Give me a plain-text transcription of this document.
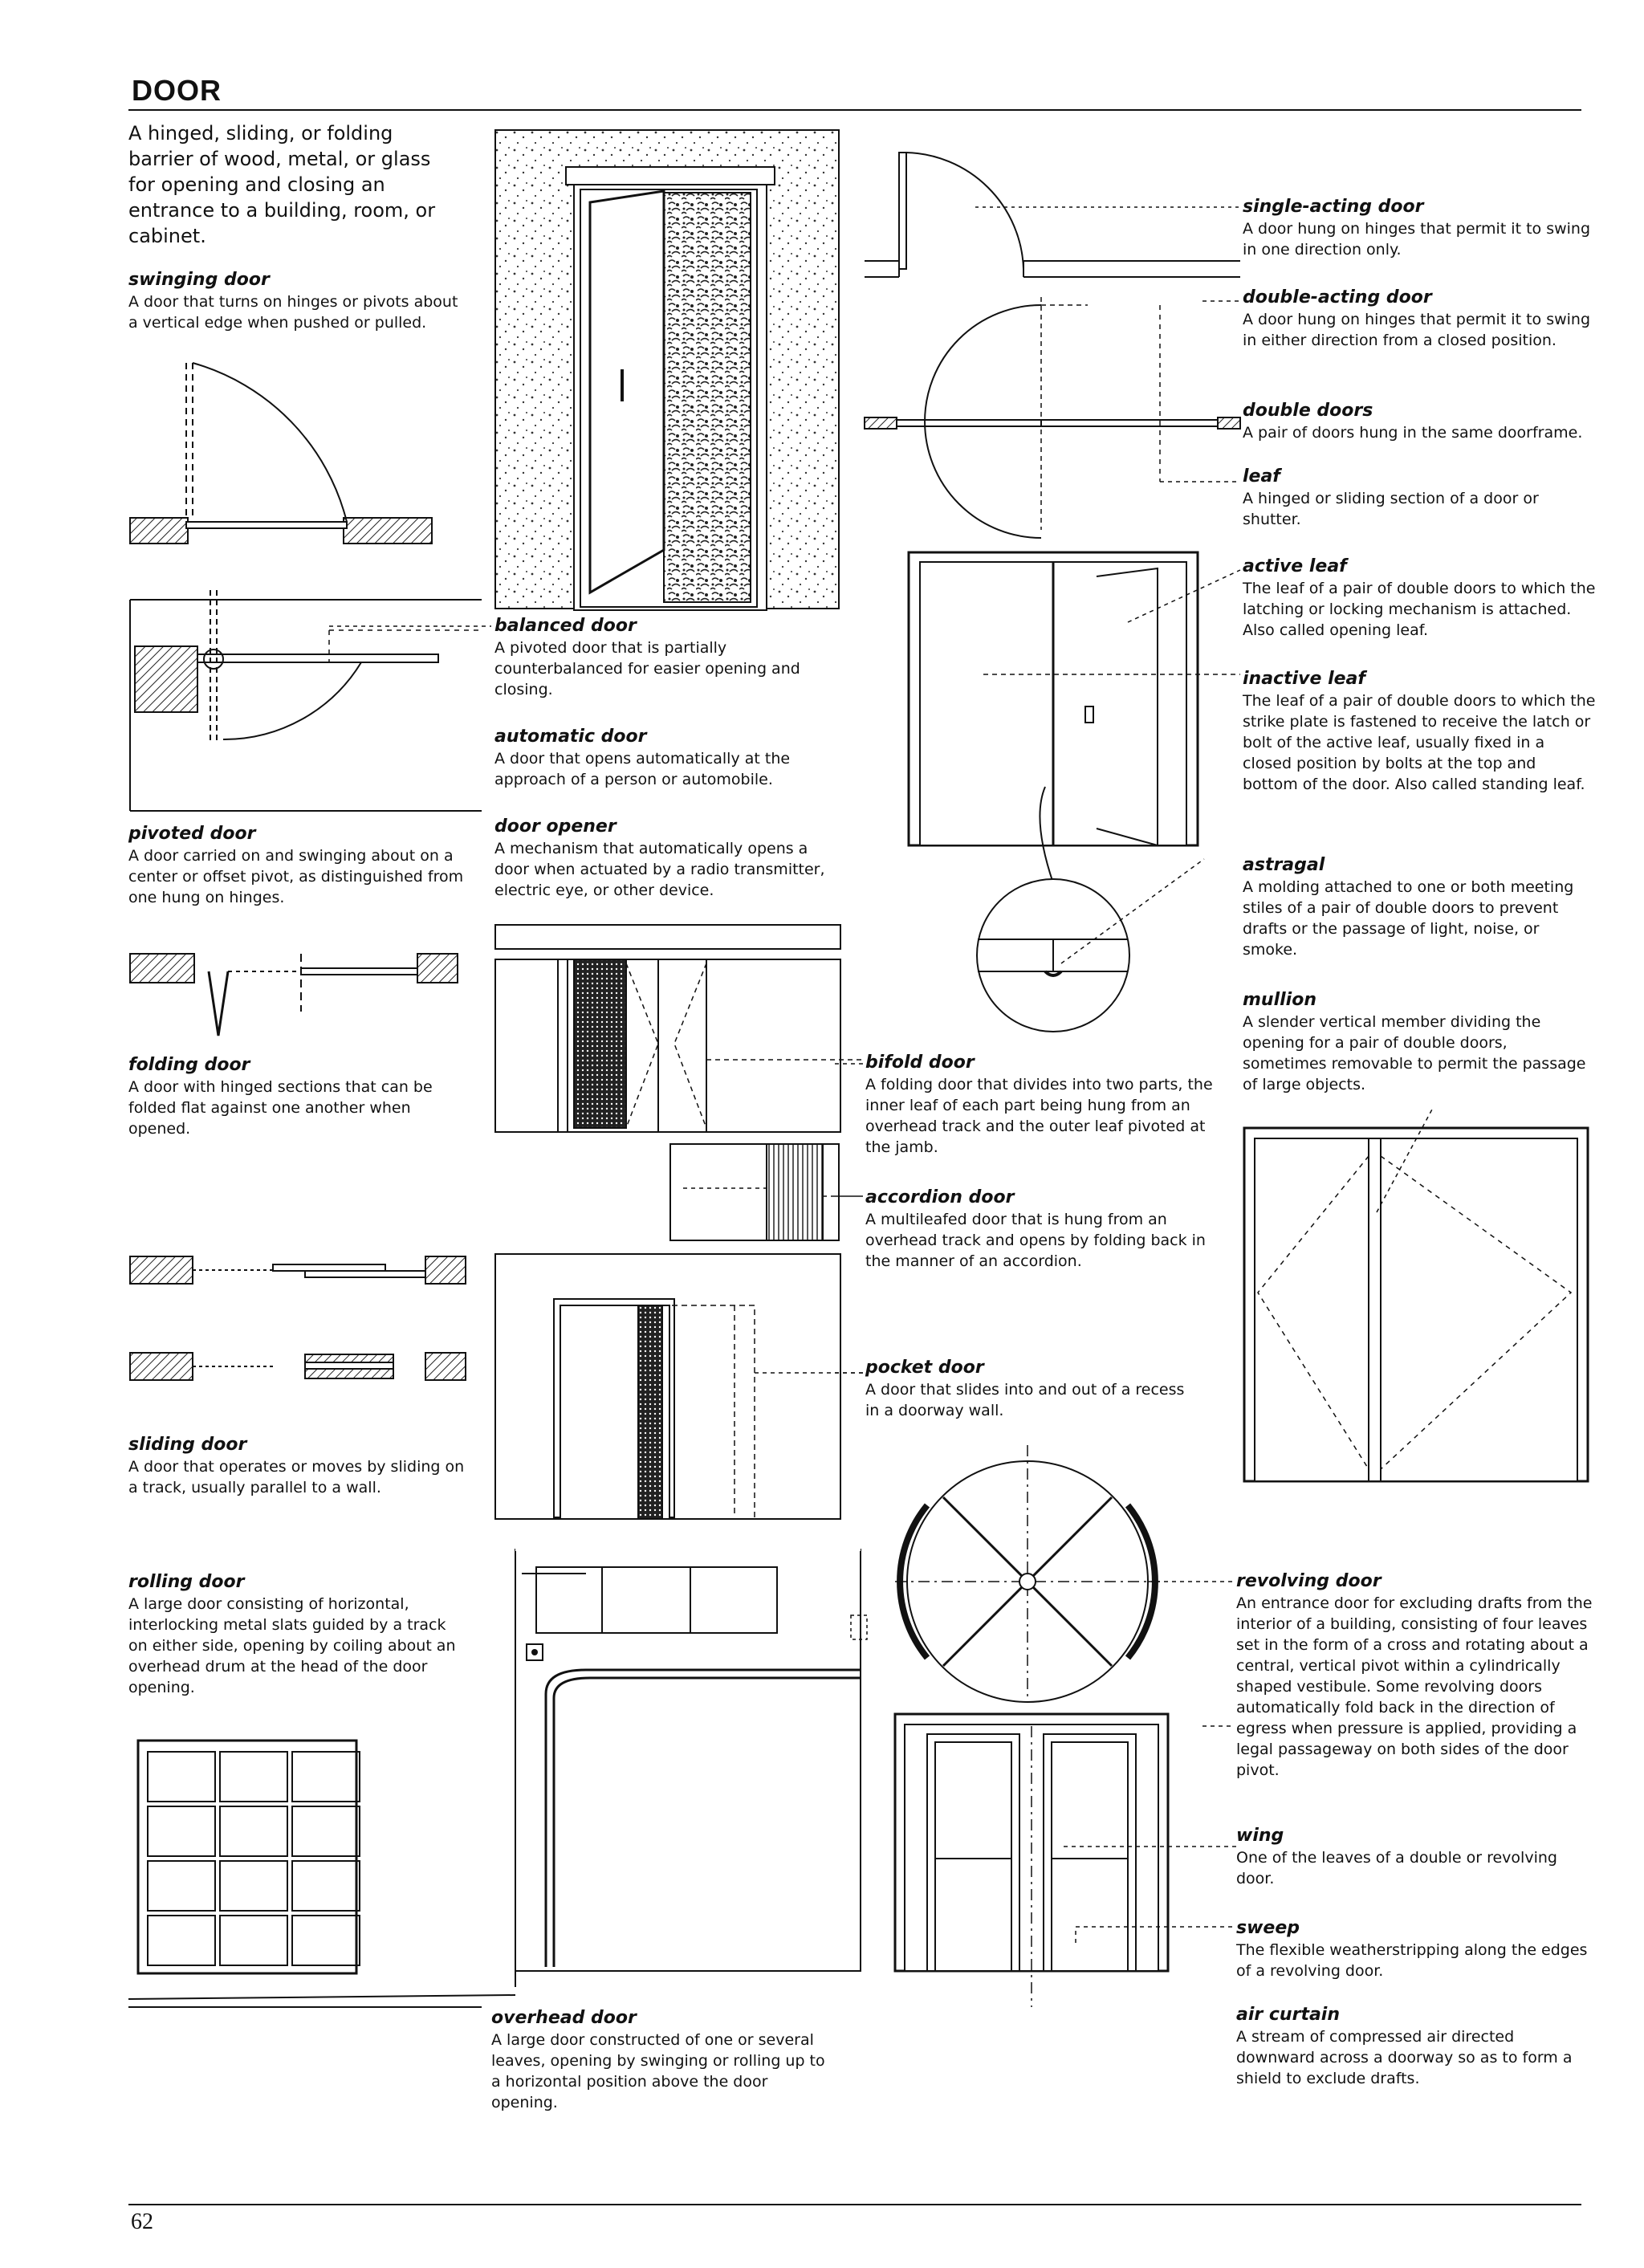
DOOR
A hinged, sliding, or folding barrier of wood, metal, or glass for opening and closing an entrance to a building, room, or cabinet.
swinging door
A door that turns on hinges or pivots about a vertical edge when pushed or pulled.
pivoted door
A door carried on and swinging about on a center or offset pivot, as distinguished from one hung on hinges.
folding door
A door with hinged sections that can be folded flat against one another when opened.
sliding door
A door that operates or moves by sliding on a track, usually parallel to a wall.
rolling door
A large door consisting of horizontal, interlocking metal slats guided by a track on either side, opening by coiling about an overhead drum at the head of the door opening.
balanced door
A pivoted door that is partially counterbalanced for easier opening and closing.
automatic door
A door that opens automatically at the approach of a person or automobile.
door opener
A mechanism that automatically opens a door when actuated by a radio transmitter, electric eye, or other device.
overhead door
A large door constructed of one or several leaves, opening by swinging or rolling up to a horizontal position above the door opening.
bifold door
A folding door that divides into two parts, the inner leaf of each part being hung from an overhead track and the outer leaf pivoted at the jamb.
accordion door
A multileafed door that is hung from an overhead track and opens by folding back in the manner of an accordion.
pocket door
A door that slides into and out of a recess in a doorway wall.
single-acting door
A door hung on hinges that permit it to swing in one direction only.
double-acting door
A door hung on hinges that permit it to swing in either direction from a closed position.
double doors
A pair of doors hung in the same doorframe.
leaf
A hinged or sliding section of a door or shutter.
active leaf
The leaf of a pair of double doors to which the latching or locking mechanism is attached. Also called opening leaf.
inactive leaf
The leaf of a pair of double doors to which the strike plate is fastened to receive the latch or bolt of the active leaf, usually fixed in a closed position by bolts at the top and bottom of the door. Also called standing leaf.
astragal
A molding attached to one or both meeting stiles of a pair of double doors to prevent drafts or the passage of light, noise, or smoke.
mullion
A slender vertical member dividing the opening for a pair of double doors, sometimes removable to permit the passage of large objects.
revolving door
An entrance door for excluding drafts from the interior of a building, consisting of four leaves set in the form of a cross and rotating about a central, vertical pivot within a cylindrically shaped vestibule. Some revolving doors automatically fold back in the direction of egress when pressure is applied, providing a legal passageway on both sides of the door pivot.
wing
One of the leaves of a double or revolving door.
sweep
The flexible weatherstripping along the edges of a revolving door.
air curtain
A stream of compressed air directed downward across a doorway so as to form a shield to exclude drafts.
62
